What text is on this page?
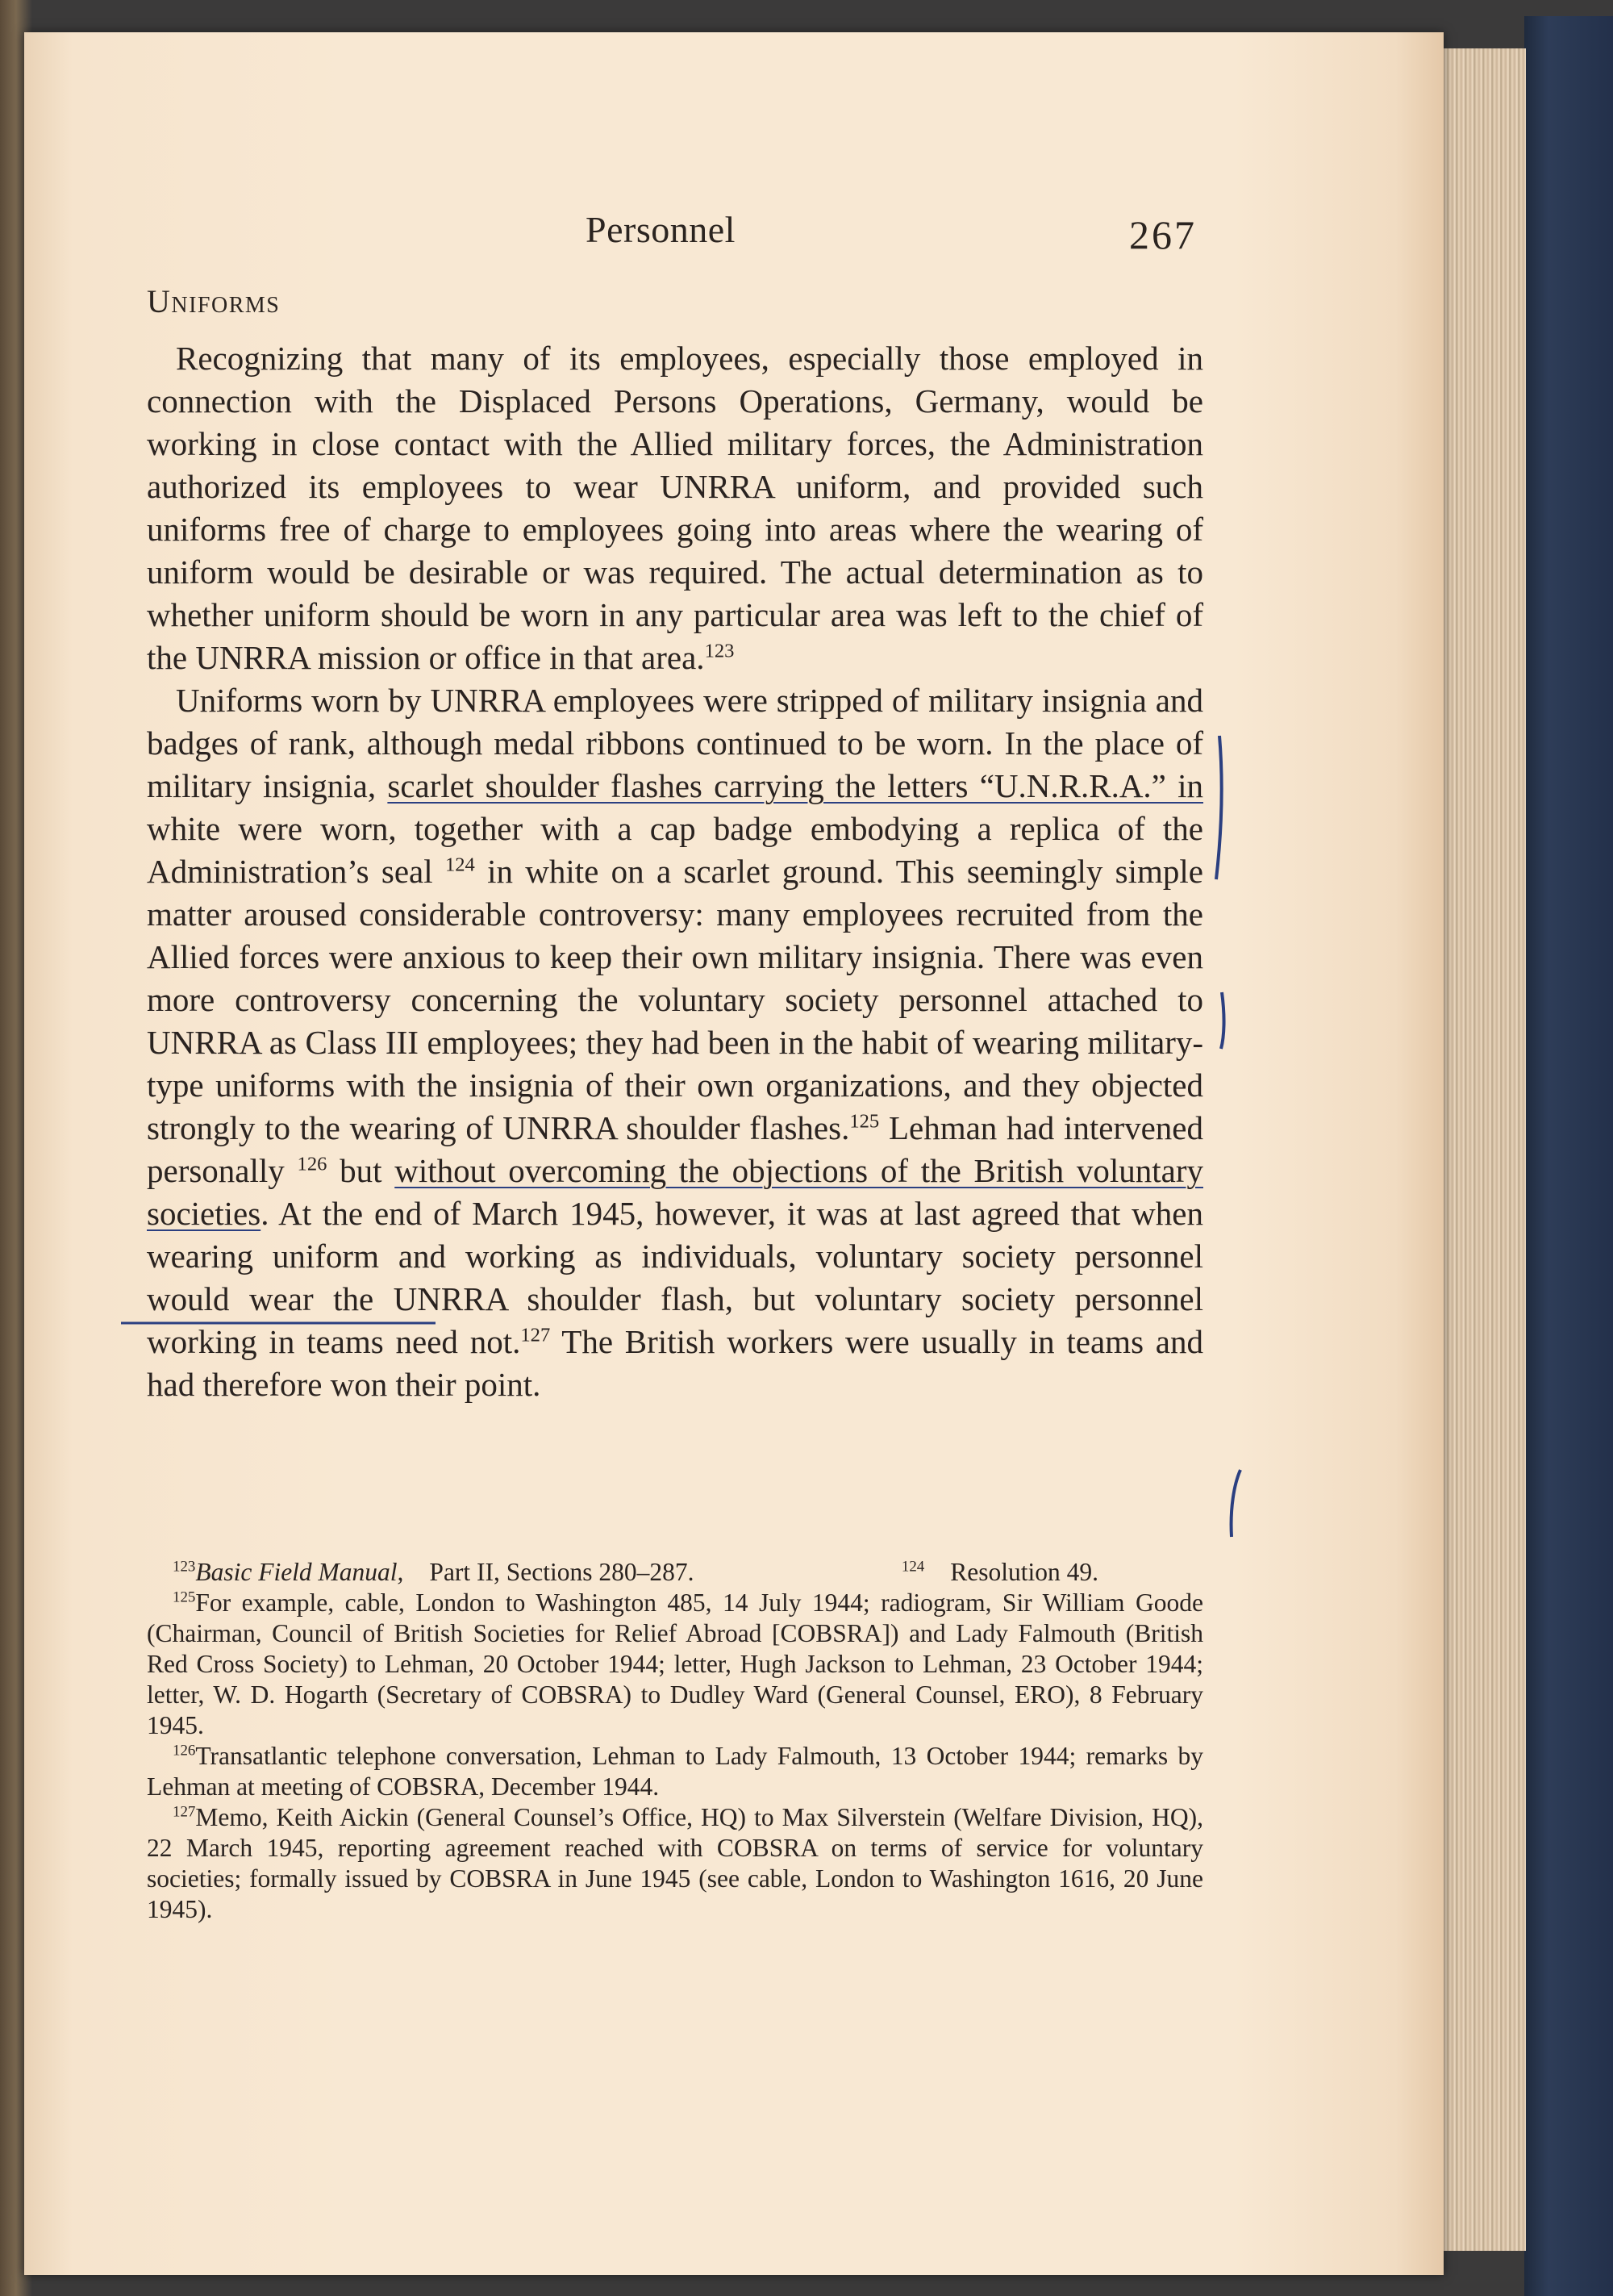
Personnel	267
Uniforms

Recognizing that many of its employees, especially those employed in connection with the Displaced Persons Operations, Germany, would be working in close contact with the Allied military forces, the Administration authorized its employees to wear UNRRA uniform, and provided such uniforms free of charge to employees going into areas where the wearing of uniform would be desirable or was required. The actual determination as to whether uniform should be worn in any particular area was left to the chief of the UNRRA mission or office in that area.$^{123}$

Uniforms worn by UNRRA employees were stripped of military insignia and badges of rank, although medal ribbons continued to be worn. In the place of military insignia, scarlet shoulder flashes carrying the letters “U.N.R.R.A.” in white were worn, together with a cap badge embodying a replica of the Administration’s seal $^{124}$ in white on a scarlet ground. This seemingly simple matter aroused considerable controversy: many employees recruited from the Allied forces were anxious to keep their own military insignia. There was even more controversy concerning the voluntary society personnel attached to UNRRA as Class III employees; they had been in the habit of wearing military-type uniforms with the insignia of their own organizations, and they objected strongly to the wearing of UNRRA shoulder flashes.$^{125}$ Lehman had intervened personally $^{126}$ but without overcoming the objections of the British voluntary societies. At the end of March 1945, however, it was at last agreed that when wearing uniform and working as individuals, voluntary society personnel would wear the UNRRA shoulder flash, but voluntary society personnel working in teams need not.$^{127}$ The British workers were usually in teams and had therefore won their point.

$^{123}$Basic Field Manual,Part II, Sections 280–287.	$^{124}$ Resolution 49.

$^{125}$For example, cable, London to Washington 485, 14 July 1944; radiogram, Sir William Goode (Chairman, Council of British Societies for Relief Abroad [COBSRA]) and Lady Falmouth (British Red Cross Society) to Lehman, 20 October 1944; letter, Hugh Jackson to Lehman, 23 October 1944; letter, W. D. Hogarth (Secretary of COBSRA) to Dudley Ward (General Counsel, ERO), 8 February 1945.

$^{126}$Transatlantic telephone conversation, Lehman to Lady Falmouth, 13 October 1944; remarks by Lehman at meeting of COBSRA, December 1944.

$^{127}$Memo, Keith Aickin (General Counsel’s Office, HQ) to Max Silverstein (Welfare Division, HQ), 22 March 1945, reporting agreement reached with COBSRA on terms of service for voluntary societies; formally issued by COBSRA in June 1945 (see cable, London to Washington 1616, 20 June 1945).
